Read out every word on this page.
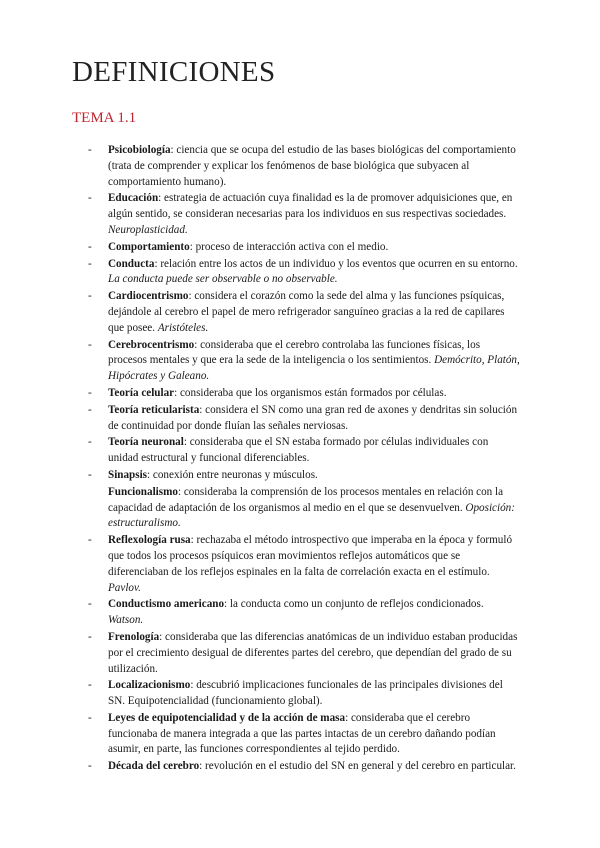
DEFINICIONES
TEMA 1.1
- Psicobiología: ciencia que se ocupa del estudio de las bases biológicas del comportamiento (trata de comprender y explicar los fenómenos de base biológica que subyacen al comportamiento humano).
- Educación: estrategia de actuación cuya finalidad es la de promover adquisiciones que, en algún sentido, se consideran necesarias para los individuos en sus respectivas sociedades. Neuroplasticidad.
- Comportamiento: proceso de interacción activa con el medio.
- Conducta: relación entre los actos de un individuo y los eventos que ocurren en su entorno. La conducta puede ser observable o no observable.
- Cardiocentrismo: considera el corazón como la sede del alma y las funciones psíquicas, dejándole al cerebro el papel de mero refrigerador sanguíneo gracias a la red de capilares que posee. Aristóteles.
- Cerebrocentrismo: consideraba que el cerebro controlaba las funciones físicas, los procesos mentales y que era la sede de la inteligencia o los sentimientos. Demócrito, Platón, Hipócrates y Galeano.
- Teoría celular: consideraba que los organismos están formados por células.
- Teoría reticularista: considera el SN como una gran red de axones y dendritas sin solución de continuidad por donde fluían las señales nerviosas.
- Teoría neuronal: consideraba que el SN estaba formado por células individuales con unidad estructural y funcional diferenciables.
- Sinapsis: conexión entre neuronas y músculos.
Funcionalismo: consideraba la comprensión de los procesos mentales en relación con la capacidad de adaptación de los organismos al medio en el que se desenvuelven. Oposición: estructuralismo.
- Reflexología rusa: rechazaba el método introspectivo que imperaba en la época y formuló que todos los procesos psíquicos eran movimientos reflejos automáticos que se diferenciaban de los reflejos espinales en la falta de correlación exacta en el estímulo. Pavlov.
- Conductismo americano: la conducta como un conjunto de reflejos condicionados. Watson.
- Frenología: consideraba que las diferencias anatómicas de un individuo estaban producidas por el crecimiento desigual de diferentes partes del cerebro, que dependían del grado de su utilización.
- Localizacionismo: descubrió implicaciones funcionales de las principales divisiones del SN. Equipotencialidad (funcionamiento global).
- Leyes de equipotencialidad y de la acción de masa: consideraba que el cerebro funcionaba de manera integrada a que las partes intactas de un cerebro dañando podían asumir, en parte, las funciones correspondientes al tejido perdido.
- Década del cerebro: revolución en el estudio del SN en general y del cerebro en particular.
